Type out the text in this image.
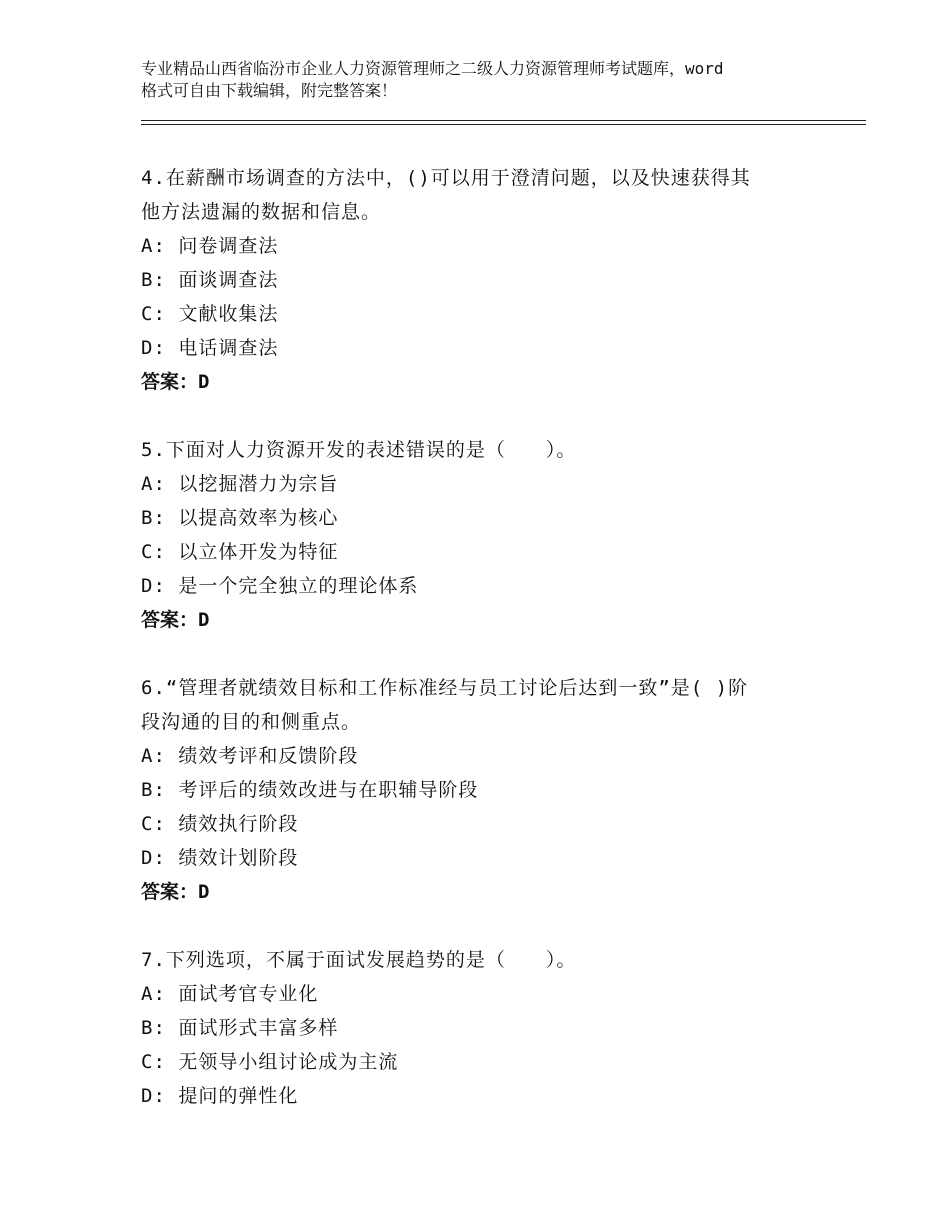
专业精品山西省临汾市企业人力资源管理师之二级人力资源管理师考试题库，word
格式可自由下载编辑，附完整答案！
4.在薪酬市场调查的方法中，()可以用于澄清问题，以及快速获得其
他方法遗漏的数据和信息。
A: 问卷调查法
B: 面谈调查法
C: 文献收集法
D: 电话调查法
答案：D
5.下面对人力资源开发的表述错误的是（　　）。
A: 以挖掘潜力为宗旨
B: 以提高效率为核心
C: 以立体开发为特征
D: 是一个完全独立的理论体系
答案：D
6.“管理者就绩效目标和工作标准经与员工讨论后达到一致”是( )阶
段沟通的目的和侧重点。
A: 绩效考评和反馈阶段
B: 考评后的绩效改进与在职辅导阶段
C: 绩效执行阶段
D: 绩效计划阶段
答案：D
7.下列选项，不属于面试发展趋势的是（　　）。
A: 面试考官专业化
B: 面试形式丰富多样
C: 无领导小组讨论成为主流
D: 提问的弹性化
